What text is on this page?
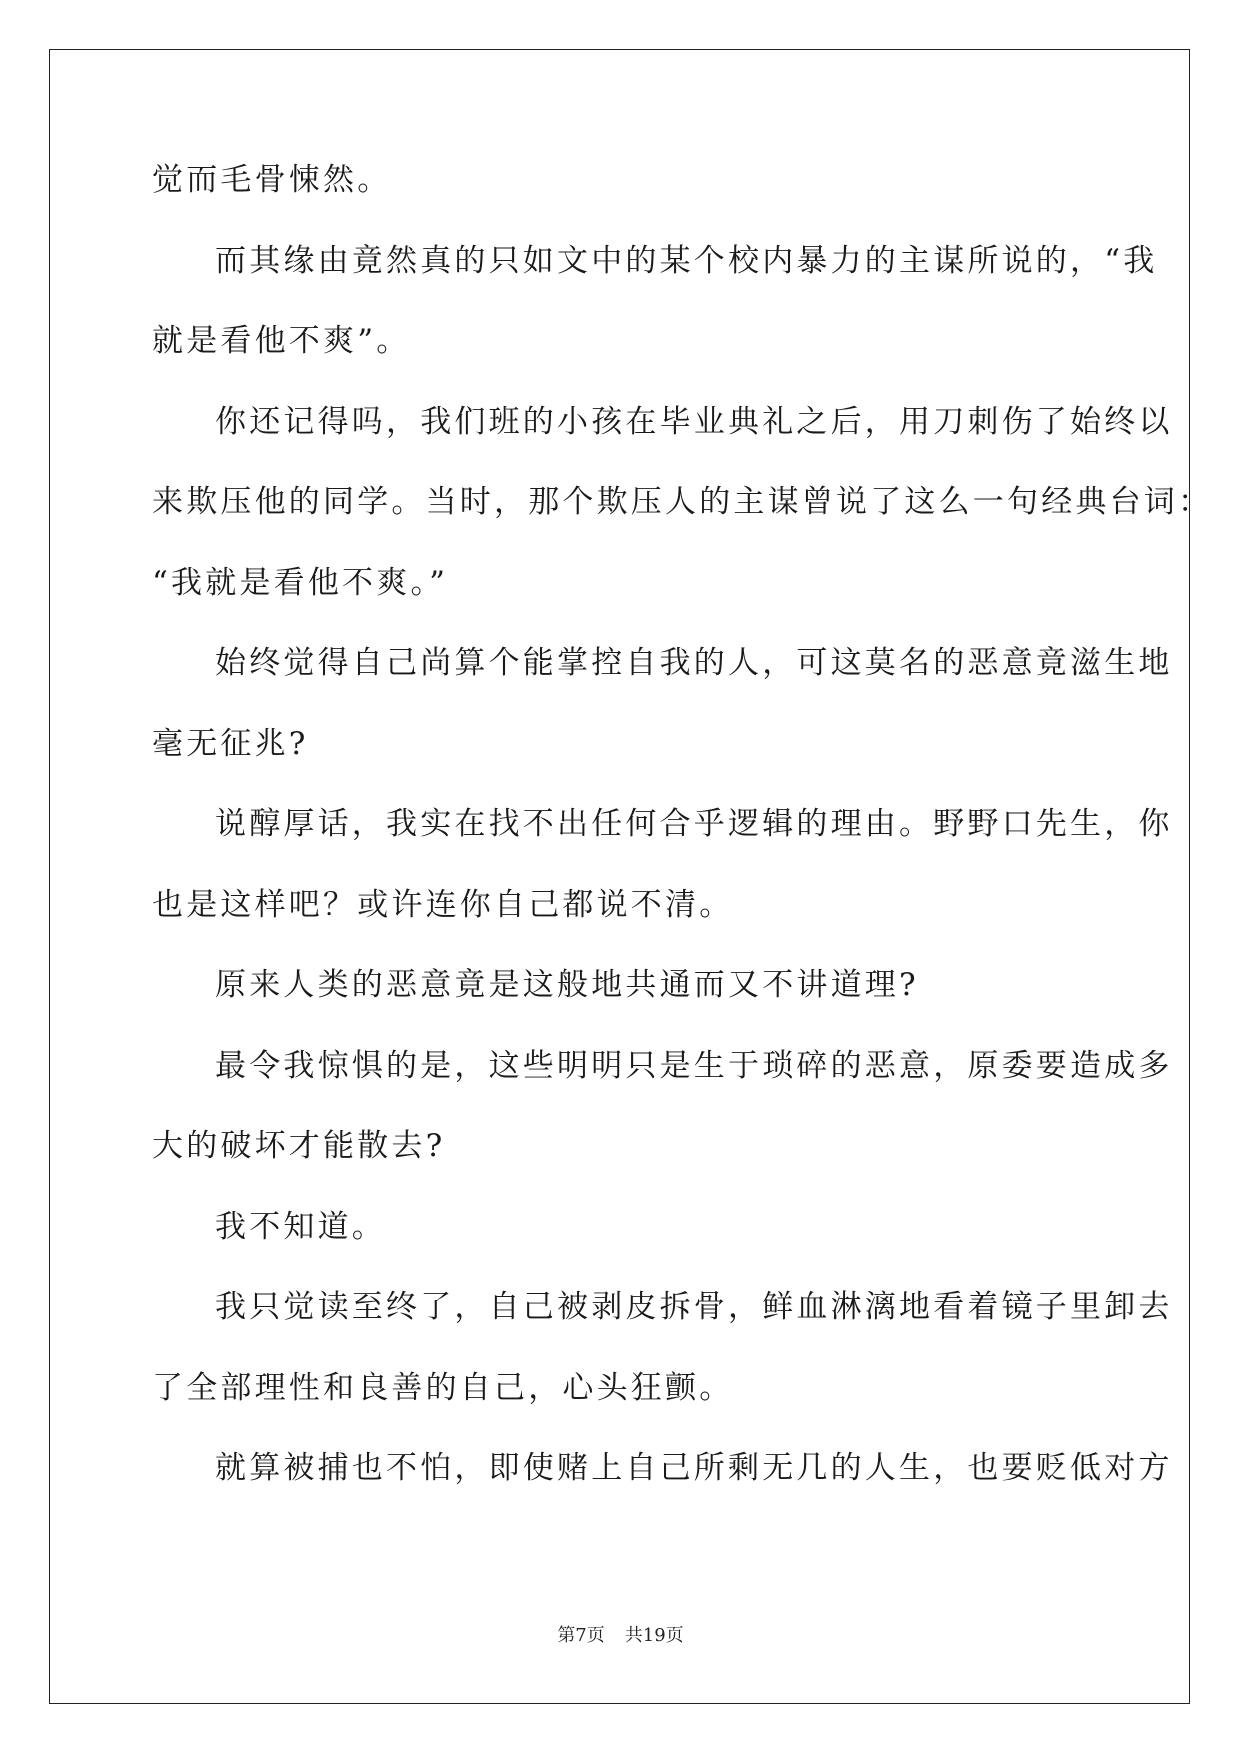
觉而毛骨悚然。
而其缘由竟然真的只如文中的某个校内暴力的主谋所说的，“我
就是看他不爽”。
你还记得吗，我们班的小孩在毕业典礼之后，用刀刺伤了始终以
来欺压他的同学。当时，那个欺压人的主谋曾说了这么一句经典台词：
“我就是看他不爽。”
始终觉得自己尚算个能掌控自我的人，可这莫名的恶意竟滋生地
毫无征兆?
说醇厚话，我实在找不出任何合乎逻辑的理由。野野口先生，你
也是这样吧？或许连你自己都说不清。
原来人类的恶意竟是这般地共通而又不讲道理?
最令我惊惧的是，这些明明只是生于琐碎的恶意，原委要造成多
大的破坏才能散去?
我不知道。
我只觉读至终了，自己被剥皮拆骨，鲜血淋漓地看着镜子里卸去
了全部理性和良善的自己，心头狂颤。
就算被捕也不怕，即使赌上自己所剩无几的人生，也要贬低对方
第7页 共19页
